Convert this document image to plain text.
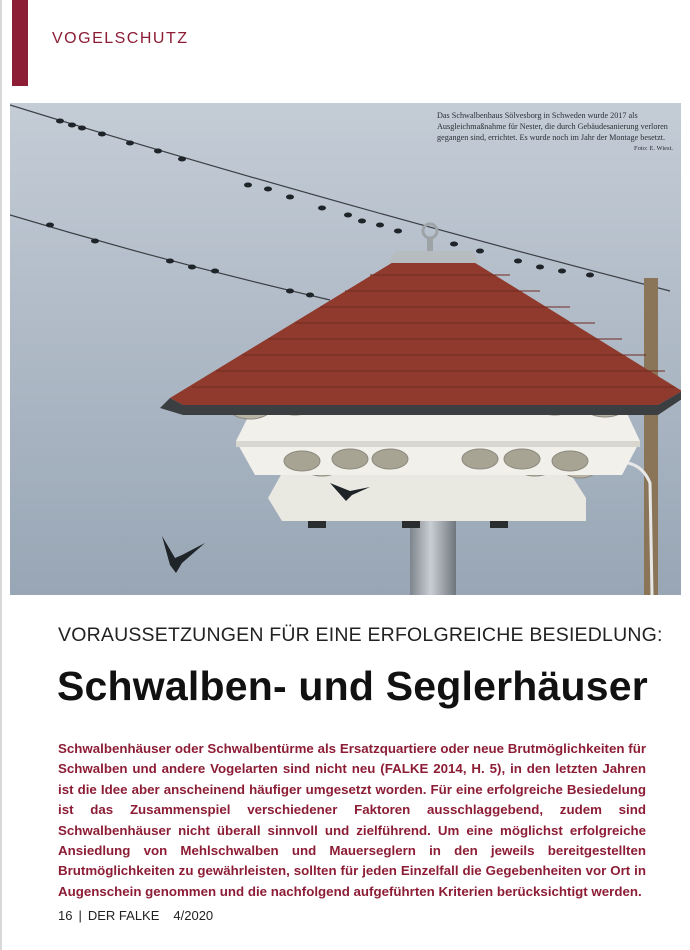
VOGELSCHUTZ
Das Schwalbenhaus Sölvesborg in Schweden wurde 2017 als Ausgleichmaßnahme für Nester, die durch Gebäudesanierung verloren gegangen sind, errichtet. Es wurde noch im Jahr der Montage besetzt.
Foto: E. Wiest.
VORAUSSETZUNGEN FÜR EINE ERFOLGREICHE BESIEDLUNG:
Schwalben- und Seglerhäuser
Schwalbenhäuser oder Schwalbentürme als Ersatzquartiere oder neue Brutmöglichkeiten für Schwalben und andere Vogelarten sind nicht neu (FALKE 2014, H. 5), in den letzten Jahren ist die Idee aber anscheinend häufiger umgesetzt worden. Für eine erfolgreiche Besiedelung ist das Zusammenspiel verschiedener Faktoren ausschlaggebend, zudem sind Schwalbenhäuser nicht überall sinnvoll und zielführend. Um eine möglichst erfolgreiche Ansiedlung von Mehlschwalben und Mauerseglern in den jeweils bereitgestellten Brutmöglichkeiten zu gewährleisten, sollten für jeden Einzelfall die Gegebenheiten vor Ort in Augenschein genommen und die nachfolgend aufgeführten Kriterien berücksichtigt werden.
16 | DER FALKE 4/2020
